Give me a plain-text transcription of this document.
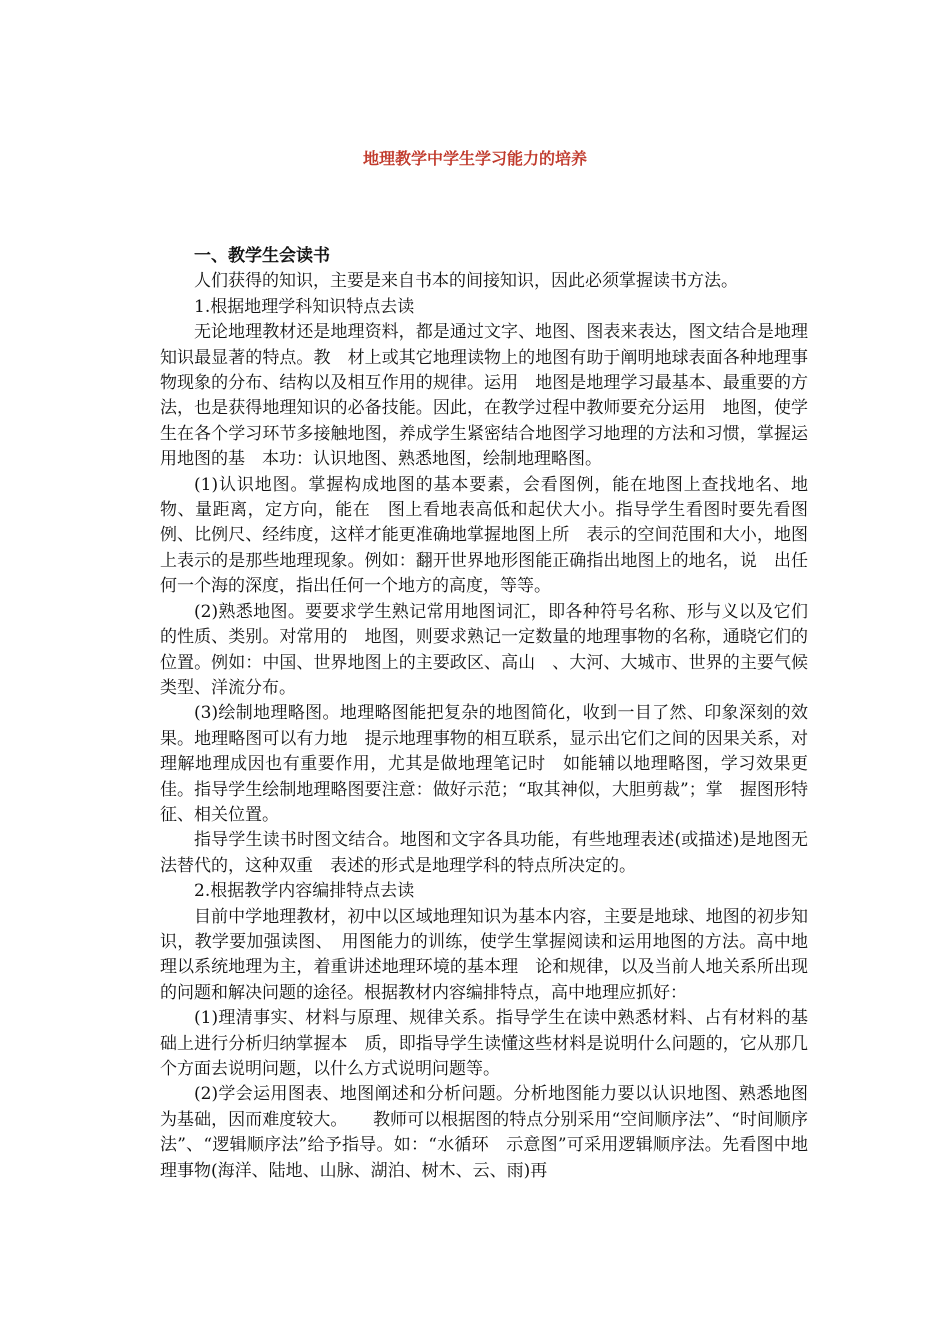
地理教学中学生学习能力的培养

一、教学生会读书

人们获得的知识，主要是来自书本的间接知识，因此必须掌握读书方法。

1.根据地理学科知识特点去读

无论地理教材还是地理资料，都是通过文字、地图、图表来表达，图文结合是地理知识最显著的特点。教　材上或其它地理读物上的地图有助于阐明地球表面各种地理事物现象的分布、结构以及相互作用的规律。运用　地图是地理学习最基本、最重要的方法，也是获得地理知识的必备技能。因此，在教学过程中教师要充分运用　地图，使学生在各个学习环节多接触地图，养成学生紧密结合地图学习地理的方法和习惯，掌握运用地图的基　本功：认识地图、熟悉地图，绘制地理略图。

(1)认识地图。掌握构成地图的基本要素，会看图例，能在地图上查找地名、地物、量距离，定方向，能在　图上看地表高低和起伏大小。指导学生看图时要先看图例、比例尺、经纬度，这样才能更准确地掌握地图上所　表示的空间范围和大小，地图上表示的是那些地理现象。例如：翻开世界地形图能正确指出地图上的地名，说　出任何一个海的深度，指出任何一个地方的高度，等等。

(2)熟悉地图。要要求学生熟记常用地图词汇，即各种符号名称、形与义以及它们的性质、类别。对常用的　地图，则要求熟记一定数量的地理事物的名称，通晓它们的位置。例如：中国、世界地图上的主要政区、高山　、大河、大城市、世界的主要气候类型、洋流分布。

(3)绘制地理略图。地理略图能把复杂的地图简化，收到一目了然、印象深刻的效果。地理略图可以有力地　提示地理事物的相互联系，显示出它们之间的因果关系，对理解地理成因也有重要作用，尤其是做地理笔记时　如能辅以地理略图，学习效果更佳。指导学生绘制地理略图要注意：做好示范；“取其神似，大胆剪裁”；掌　握图形特征、相关位置。

指导学生读书时图文结合。地图和文字各具功能，有些地理表述(或描述)是地图无法替代的，这种双重　表述的形式是地理学科的特点所决定的。

2.根据教学内容编排特点去读

目前中学地理教材，初中以区域地理知识为基本内容，主要是地球、地图的初步知识，教学要加强读图、　用图能力的训练，使学生掌握阅读和运用地图的方法。高中地理以系统地理为主，着重讲述地理环境的基本理　论和规律，以及当前人地关系所出现的问题和解决问题的途径。根据教材内容编排特点，高中地理应抓好：

(1)理清事实、材料与原理、规律关系。指导学生在读中熟悉材料、占有材料的基础上进行分析归纳掌握本　质，即指导学生读懂这些材料是说明什么问题的，它从那几个方面去说明问题，以什么方式说明问题等。

(2)学会运用图表、地图阐述和分析问题。分析地图能力要以认识地图、熟悉地图为基础，因而难度较大。　　教师可以根据图的特点分别采用“空间顺序法”、“时间顺序法”、“逻辑顺序法”给予指导。如：“水循环　示意图”可采用逻辑顺序法。先看图中地理事物(海洋、陆地、山脉、湖泊、树木、云、雨)再
